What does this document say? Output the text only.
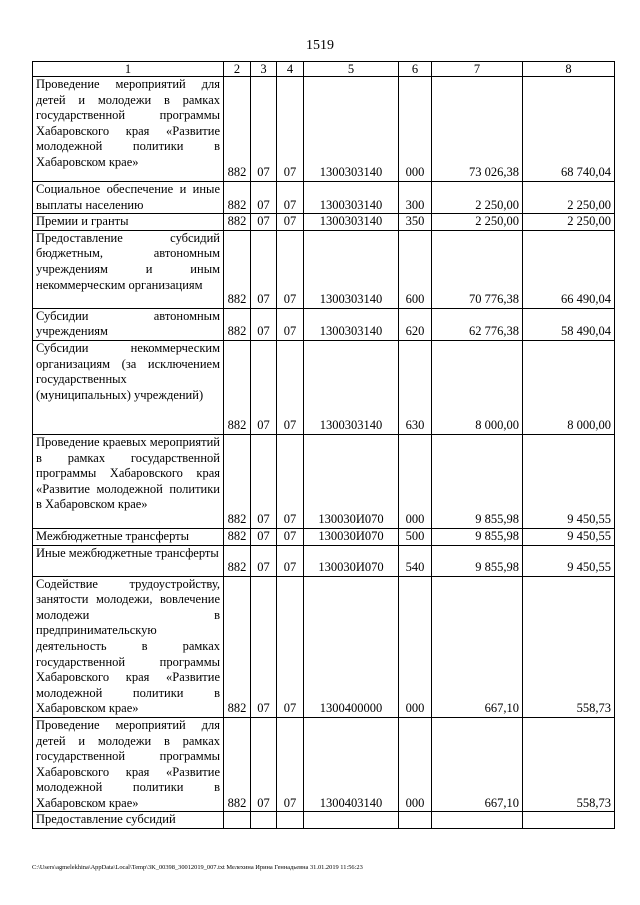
1519
1	2	3	4	5	6	7	8
Проведение мероприятий для детей и молодежи в рамках государственной программы Хабаровского края «Развитие молодежной политики в Хабаровском крае»	882	07	07	1300303140	000	73 026,38	68 740,04
Социальное обеспечение и иные выплаты населению	882	07	07	1300303140	300	2 250,00	2 250,00
Премии и гранты	882	07	07	1300303140	350	2 250,00	2 250,00
Предоставление субсидий бюджетным, автономным учреждениям и иным некоммерческим организациям	882	07	07	1300303140	600	70 776,38	66 490,04
Субсидии автономным учреждениям	882	07	07	1300303140	620	62 776,38	58 490,04
Субсидии некоммерческим организациям (за исключением государственных (муниципальных) учреждений)	882	07	07	1300303140	630	8 000,00	8 000,00
Проведение краевых мероприятий в рамках государственной программы Хабаровского края «Развитие молодежной политики в Хабаровском крае»	882	07	07	130030И070	000	9 855,98	9 450,55
Межбюджетные трансферты	882	07	07	130030И070	500	9 855,98	9 450,55
Иные межбюджетные трансферты	882	07	07	130030И070	540	9 855,98	9 450,55
Содействие трудоустройству, занятости молодежи, вовлечение молодежи в предпринимательскую деятельность в рамках государственной программы Хабаровского края «Развитие молодежной политики в Хабаровском крае»	882	07	07	1300400000	000	667,10	558,73
Проведение мероприятий для детей и молодежи в рамках государственной программы Хабаровского края «Развитие молодежной политики в Хабаровском крае»	882	07	07	1300403140	000	667,10	558,73
Предоставление субсидий							
C:\Users\agmelekhina\AppData\Local\Temp\3K_00398_30012019_007.txt Мелехина Ирина Геннадьевна 31.01.2019 11:56:23
